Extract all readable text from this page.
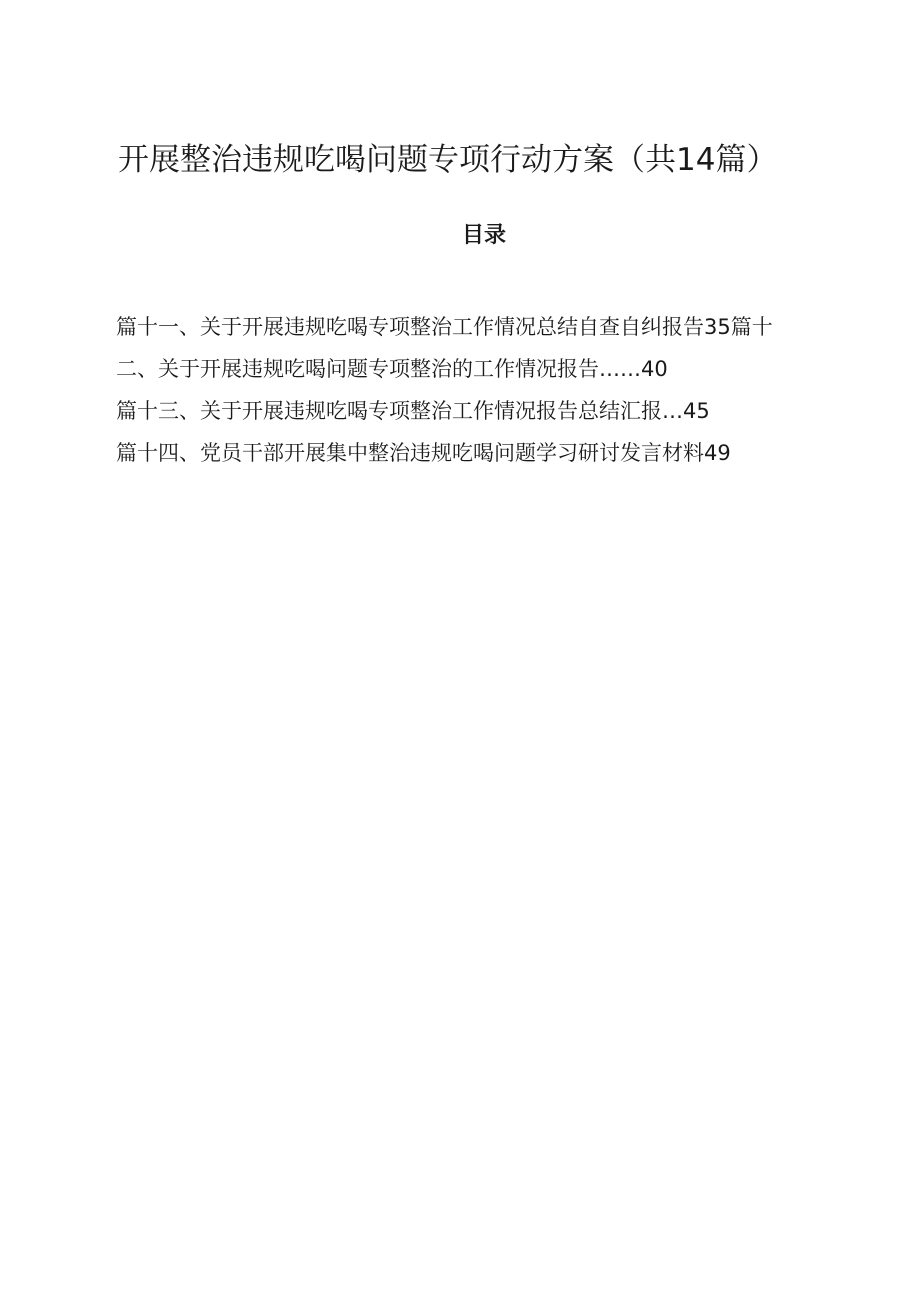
开展整治违规吃喝问题专项行动方案（共14篇）
目录
篇十一、关于开展违规吃喝专项整治工作情况总结自查自纠报告35篇十
二、关于开展违规吃喝问题专项整治的工作情况报告……40
篇十三、关于开展违规吃喝专项整治工作情况报告总结汇报…45
篇十四、党员干部开展集中整治违规吃喝问题学习研讨发言材料49
